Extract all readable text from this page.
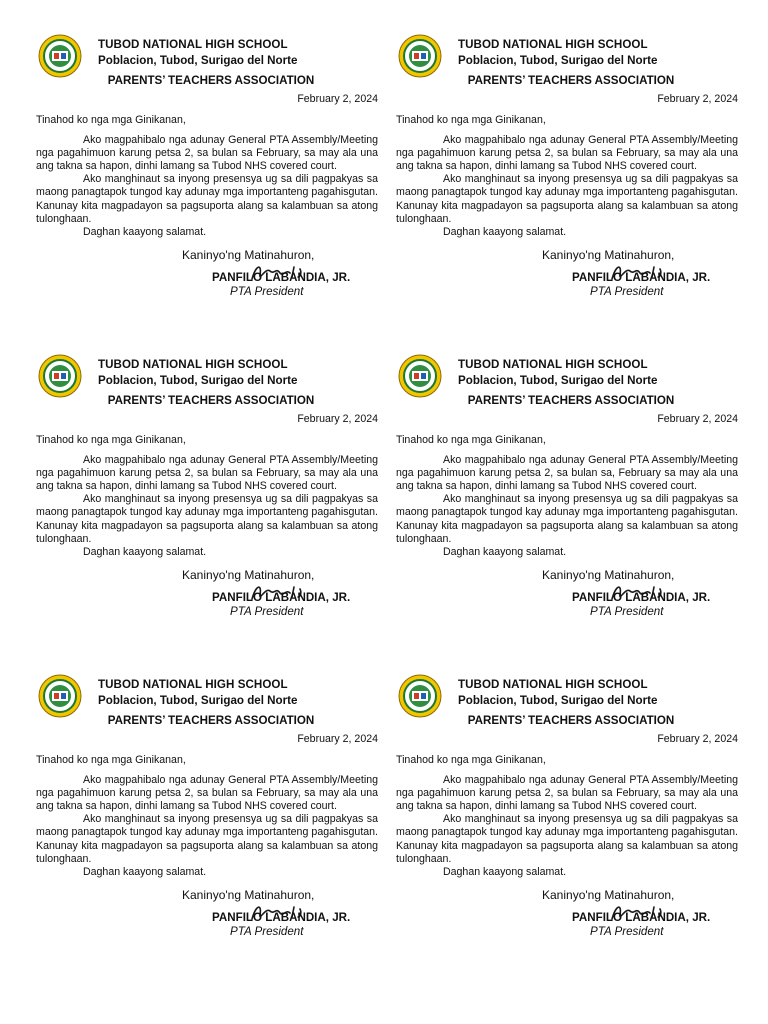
TUBOD NATIONAL HIGH SCHOOL
Poblacion, Tubod, Surigao del Norte
PARENTS’ TEACHERS ASSOCIATION
February 2, 2024
Tinahod ko nga mga Ginikanan,
Ako magpahibalo nga adunay General PTA Assembly/Meeting nga pagahimuon karung petsa 2, sa bulan sa February, sa may ala una ang takna sa hapon, dinhi lamang sa Tubod NHS covered court.
Ako manghinaut sa inyong presensya ug sa dili pagpakyas sa maong panagtapok tungod kay adunay mga importanteng pagahisgutan. Kanunay kita magpadayon sa pagsuporta alang sa kalambuan sa atong tulonghaan.
Daghan kaayong salamat.
Kaninyo'ng Matinahuron,
PANFILO LABANDIA, JR.
PTA President
TUBOD NATIONAL HIGH SCHOOL
Poblacion, Tubod, Surigao del Norte
PARENTS’ TEACHERS ASSOCIATION
February 2, 2024
Tinahod ko nga mga Ginikanan,
Ako magpahibalo nga adunay General PTA Assembly/Meeting nga pagahimuon karung petsa 2, sa bulan sa February, sa may ala una ang takna sa hapon, dinhi lamang sa Tubod NHS covered court.
Ako manghinaut sa inyong presensya ug sa dili pagpakyas sa maong panagtapok tungod kay adunay mga importanteng pagahisgutan. Kanunay kita magpadayon sa pagsuporta alang sa kalambuan sa atong tulonghaan.
Daghan kaayong salamat.
Kaninyo'ng Matinahuron,
PANFILO LABANDIA, JR.
PTA President
TUBOD NATIONAL HIGH SCHOOL
Poblacion, Tubod, Surigao del Norte
PARENTS’ TEACHERS ASSOCIATION
February 2, 2024
Tinahod ko nga mga Ginikanan,
Ako magpahibalo nga adunay General PTA Assembly/Meeting nga pagahimuon karung petsa 2, sa bulan sa February, sa may ala una ang takna sa hapon, dinhi lamang sa Tubod NHS covered court.
Ako manghinaut sa inyong presensya ug sa dili pagpakyas sa maong panagtapok tungod kay adunay mga importanteng pagahisgutan. Kanunay kita magpadayon sa pagsuporta alang sa kalambuan sa atong tulonghaan.
Daghan kaayong salamat.
Kaninyo'ng Matinahuron,
PANFILO LABANDIA, JR.
PTA President
TUBOD NATIONAL HIGH SCHOOL
Poblacion, Tubod, Surigao del Norte
PARENTS’ TEACHERS ASSOCIATION
February 2, 2024
Tinahod ko nga mga Ginikanan,
Ako magpahibalo nga adunay General PTA Assembly/Meeting nga pagahimuon karung petsa 2, sa bulan sa, February sa may ala una ang takna sa hapon, dinhi lamang sa Tubod NHS covered court.
Ako manghinaut sa inyong presensya ug sa dili pagpakyas sa maong panagtapok tungod kay adunay mga importanteng pagahisgutan. Kanunay kita magpadayon sa pagsuporta alang sa kalambuan sa atong tulonghaan.
Daghan kaayong salamat.
Kaninyo'ng Matinahuron,
PANFILO LABANDIA, JR.
PTA President
TUBOD NATIONAL HIGH SCHOOL
Poblacion, Tubod, Surigao del Norte
PARENTS’ TEACHERS ASSOCIATION
February 2, 2024
Tinahod ko nga mga Ginikanan,
Ako magpahibalo nga adunay General PTA Assembly/Meeting nga pagahimuon karung petsa 2, sa bulan sa February, sa may ala una ang takna sa hapon, dinhi lamang sa Tubod NHS covered court.
Ako manghinaut sa inyong presensya ug sa dili pagpakyas sa maong panagtapok tungod kay adunay mga importanteng pagahisgutan. Kanunay kita magpadayon sa pagsuporta alang sa kalambuan sa atong tulonghaan.
Daghan kaayong salamat.
Kaninyo'ng Matinahuron,
PANFILO LABANDIA, JR.
PTA President
TUBOD NATIONAL HIGH SCHOOL
Poblacion, Tubod, Surigao del Norte
PARENTS’ TEACHERS ASSOCIATION
February 2, 2024
Tinahod ko nga mga Ginikanan,
Ako magpahibalo nga adunay General PTA Assembly/Meeting nga pagahimuon karung petsa 2, sa bulan sa February, sa may ala una ang takna sa hapon, dinhi lamang sa Tubod NHS covered court.
Ako manghinaut sa inyong presensya ug sa dili pagpakyas sa maong panagtapok tungod kay adunay mga importanteng pagahisgutan. Kanunay kita magpadayon sa pagsuporta alang sa kalambuan sa atong tulonghaan.
Daghan kaayong salamat.
Kaninyo'ng Matinahuron,
PANFILO LABANDIA, JR.
PTA President
